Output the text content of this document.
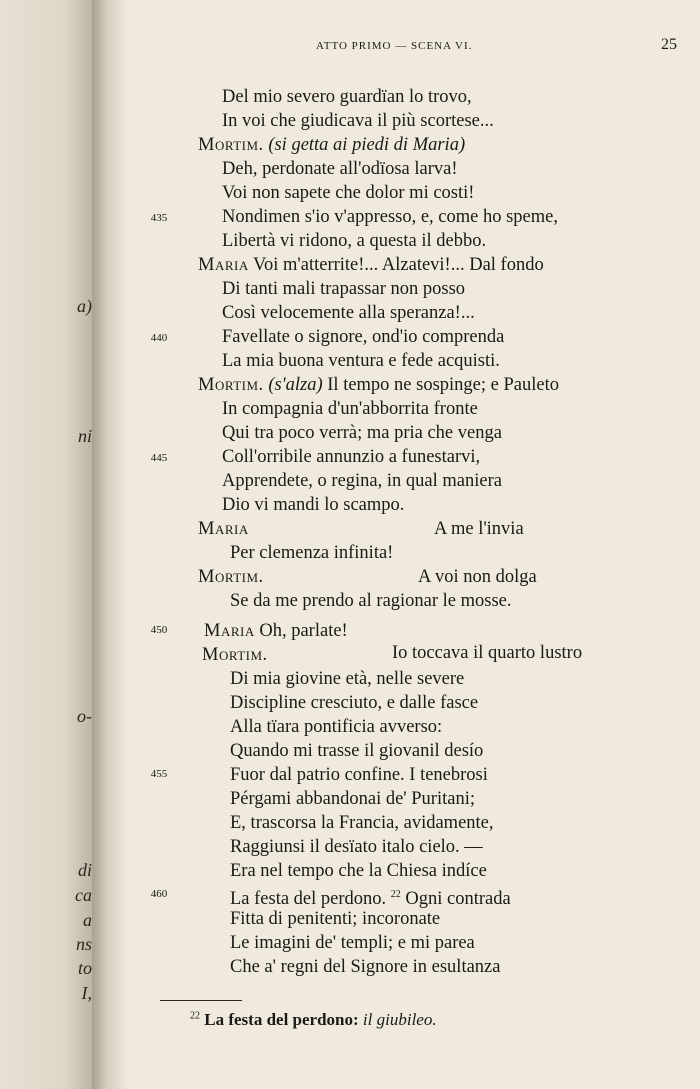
a)
ni
o-
di
ca
a
ns
to
I,
ATTO PRIMO — SCENA VI.	25
Del mio severo guardïan lo trovo,
In voi che giudicava il più scortese...
Mortim. (si getta ai piedi di Maria)
Deh, perdonate all'odïosa larva!
Voi non sapete che dolor mi costi!
Nondimen s'io v'appresso, e, come ho speme,
Libertà vi ridono, a questa il debbo.
Maria Voi m'atterrite!... Alzatevi!... Dal fondo
Di tanti mali trapassar non posso
Così velocemente alla speranza!...
Favellate o signore, ond'io comprenda
La mia buona ventura e fede acquisti.
Mortim. (s'alza) Il tempo ne sospinge; e Pauleto
In compagnia d'un'abborrita fronte
Qui tra poco verrà; ma pria che venga
Coll'orribile annunzio a funestarvi,
Apprendete, o regina, in qual maniera
Dio vi mandi lo scampo.
Maria	A me l'invia
Per clemenza infinita!
Mortim.	A voi non dolga
Se da me prendo al ragionar le mosse.
Maria Oh, parlate!
Mortim.	Io toccava il quarto lustro
Di mia giovine età, nelle severe
Discipline cresciuto, e dalle fasce
Alla tïara pontificia avverso:
Quando mi trasse il giovanil desío
Fuor dal patrio confine. I tenebrosi
Pérgami abbandonai de' Puritani;
E, trascorsa la Francia, avidamente,
Raggiunsi il desïato italo cielo. —
Era nel tempo che la Chiesa indíce
La festa del perdono. $^{22}$ Ogni contrada
Fitta di penitenti; incoronate
Le imagini de' templi; e mi parea
Che a' regni del Signore in esultanza
435
440
445
450
455
460
$^{22}$ La festa del perdono: il giubileo.
